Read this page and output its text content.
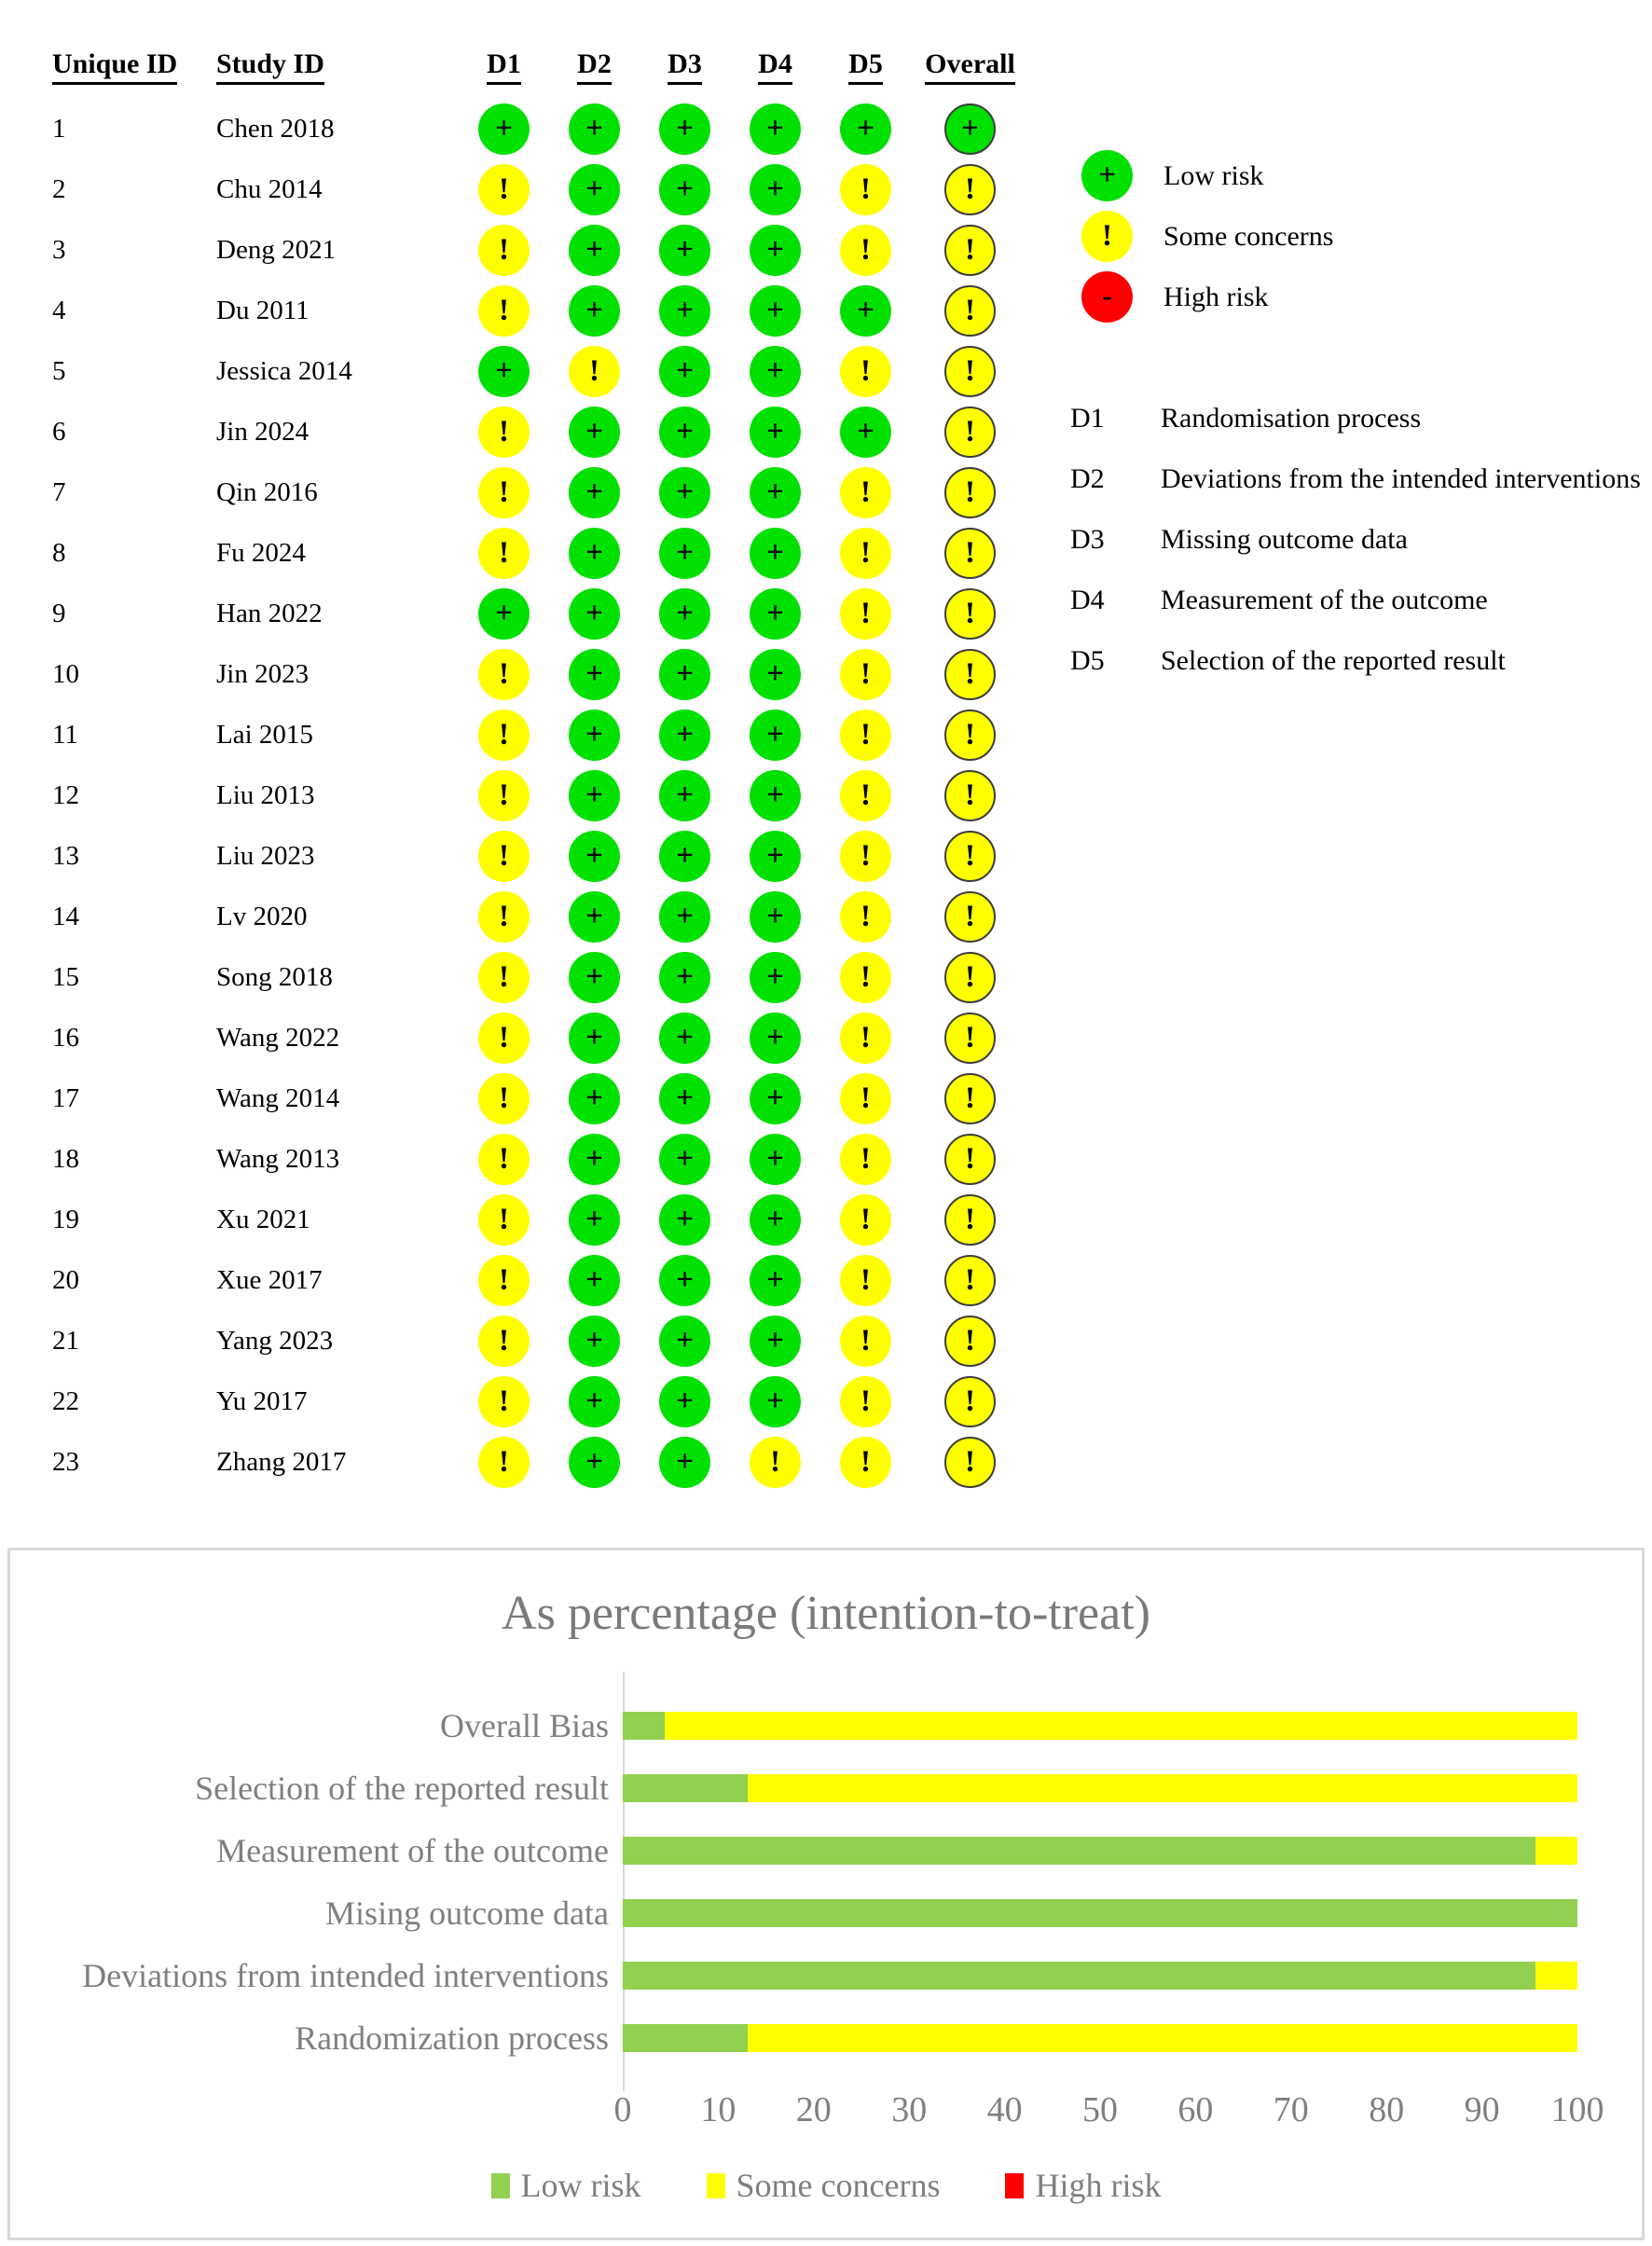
Unique ID	Study ID	D1 D2 D3 D4 D5 Overall
1	Chen 2018	+	+	+	+	+	+
2	Chu 2014	!	+	+	+	!	!
3	Deng 2021	!	+	+	+	!	!
4	Du 2011	!	+	+	+	+	!
5	Jessica 2014	+	!	+	+	!	!
6	Jin 2024	!	+	+	+	+	!
7	Qin 2016	!	+	+	+	!	!
8	Fu 2024	!	+	+	+	!	!
9	Han 2022	+	+	+	+	!	!
10	Jin 2023	!	+	+	+	!	!
11	Lai 2015	!	+	+	+	!	!
12	Liu 2013	!	+	+	+	!	!
13	Liu 2023	!	+	+	+	!	!
14	Lv 2020	!	+	+	+	!	!
15	Song 2018	!	+	+	+	!	!
16	Wang 2022	!	+	+	+	!	!
17	Wang 2014	!	+	+	+	!	!
18	Wang 2013	!	+	+	+	!	!
19	Xu 2021	!	+	+	+	!	!
20	Xue 2017	!	+	+	+	!	!
21	Yang 2023	!	+	+	+	!	!
22	Yu 2017	!	+	+	+	!	!
23	Zhang 2017	!	+	+	!	!	!
+	Low risk
!	Some concerns
-	High risk
D1	Randomisation process
D2	Deviations from the intended interventions
D3	Missing outcome data
D4	Measurement of the outcome
D5	Selection of the reported result
As percentage (intention-to-treat)
Overall Bias
Selection of the reported result
Measurement of the outcome
Mising outcome data
Deviations from intended interventions
Randomization process
0	10	20	30	40	50	60	70	80	90	100
Low risk	Some concerns	High risk
